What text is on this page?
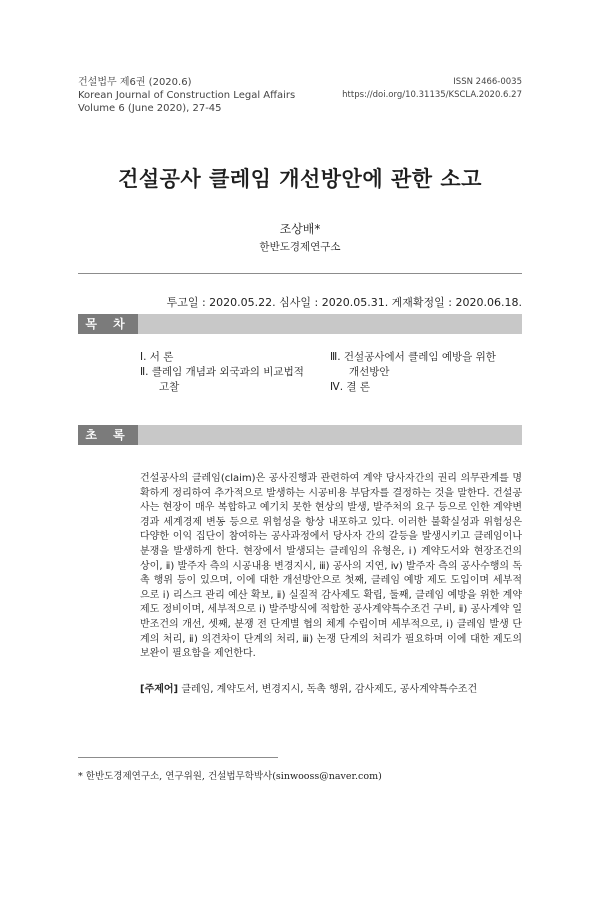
건설법무 제6권 (2020.6)
Korean Journal of Construction Legal Affairs
Volume 6 (June 2020), 27-45
ISSN 2466-0035
https://doi.org/10.31135/KSCLA.2020.6.27
건설공사 클레임 개선방안에 관한 소고
조상배*
한반도경제연구소
투고일 : 2020.05.22. 심사일 : 2020.05.31. 게재확정일 : 2020.06.18.
목 차
Ⅰ. 서 론
Ⅱ. 클레임 개념과 외국과의 비교법적
고찰
Ⅲ. 건설공사에서 클레임 예방을 위한
개선방안
Ⅳ. 결 론
초 록
건설공사의 클레임(claim)은 공사진행과 관련하여 계약 당사자간의 권리 의무관계를 명확하게 정리하여 추가적으로 발생하는 시공비용 부담자를 결정하는 것을 말한다. 건설공사는 현장이 매우 복합하고 예기치 못한 현상의 발생, 발주처의 요구 등으로 인한 계약변경과 세계경제 변동 등으로 위험성을 항상 내포하고 있다. 이러한 불확실성과 위험성은 다양한 이익 집단이 참여하는 공사과정에서 당사자 간의 갈등을 발생시키고 클레임이나 분쟁을 발생하게 한다. 현장에서 발생되는 클레임의 유형은, ⅰ) 계약도서와 현장조건의 상이, ⅱ) 발주자 측의 시공내용 변경지시, ⅲ) 공사의 지연, ⅳ) 발주자 측의 공사수행의 독촉 행위 등이 있으며, 이에 대한 개선방안으로 첫째, 클레임 예방 제도 도입이며 세부적으로 ⅰ) 리스크 관리 예산 확보, ⅱ) 실질적 감사제도 확립, 둘째, 클레임 예방을 위한 계약제도 정비이며, 세부적으로 ⅰ) 발주방식에 적합한 공사계약특수조건 구비, ⅱ) 공사계약 일반조건의 개선, 셋째, 분쟁 전 단계별 협의 체계 수립이며 세부적으로, ⅰ) 클레임 발생 단계의 처리, ⅱ) 의견차이 단계의 처리, ⅲ) 논쟁 단계의 처리가 필요하며 이에 대한 제도의 보완이 필요함을 제언한다.
[주제어] 클레임, 계약도서, 변경지시, 독촉 행위, 감사제도, 공사계약특수조건
* 한반도경제연구소, 연구위원, 건설법무학박사(sinwooss@naver.com)
